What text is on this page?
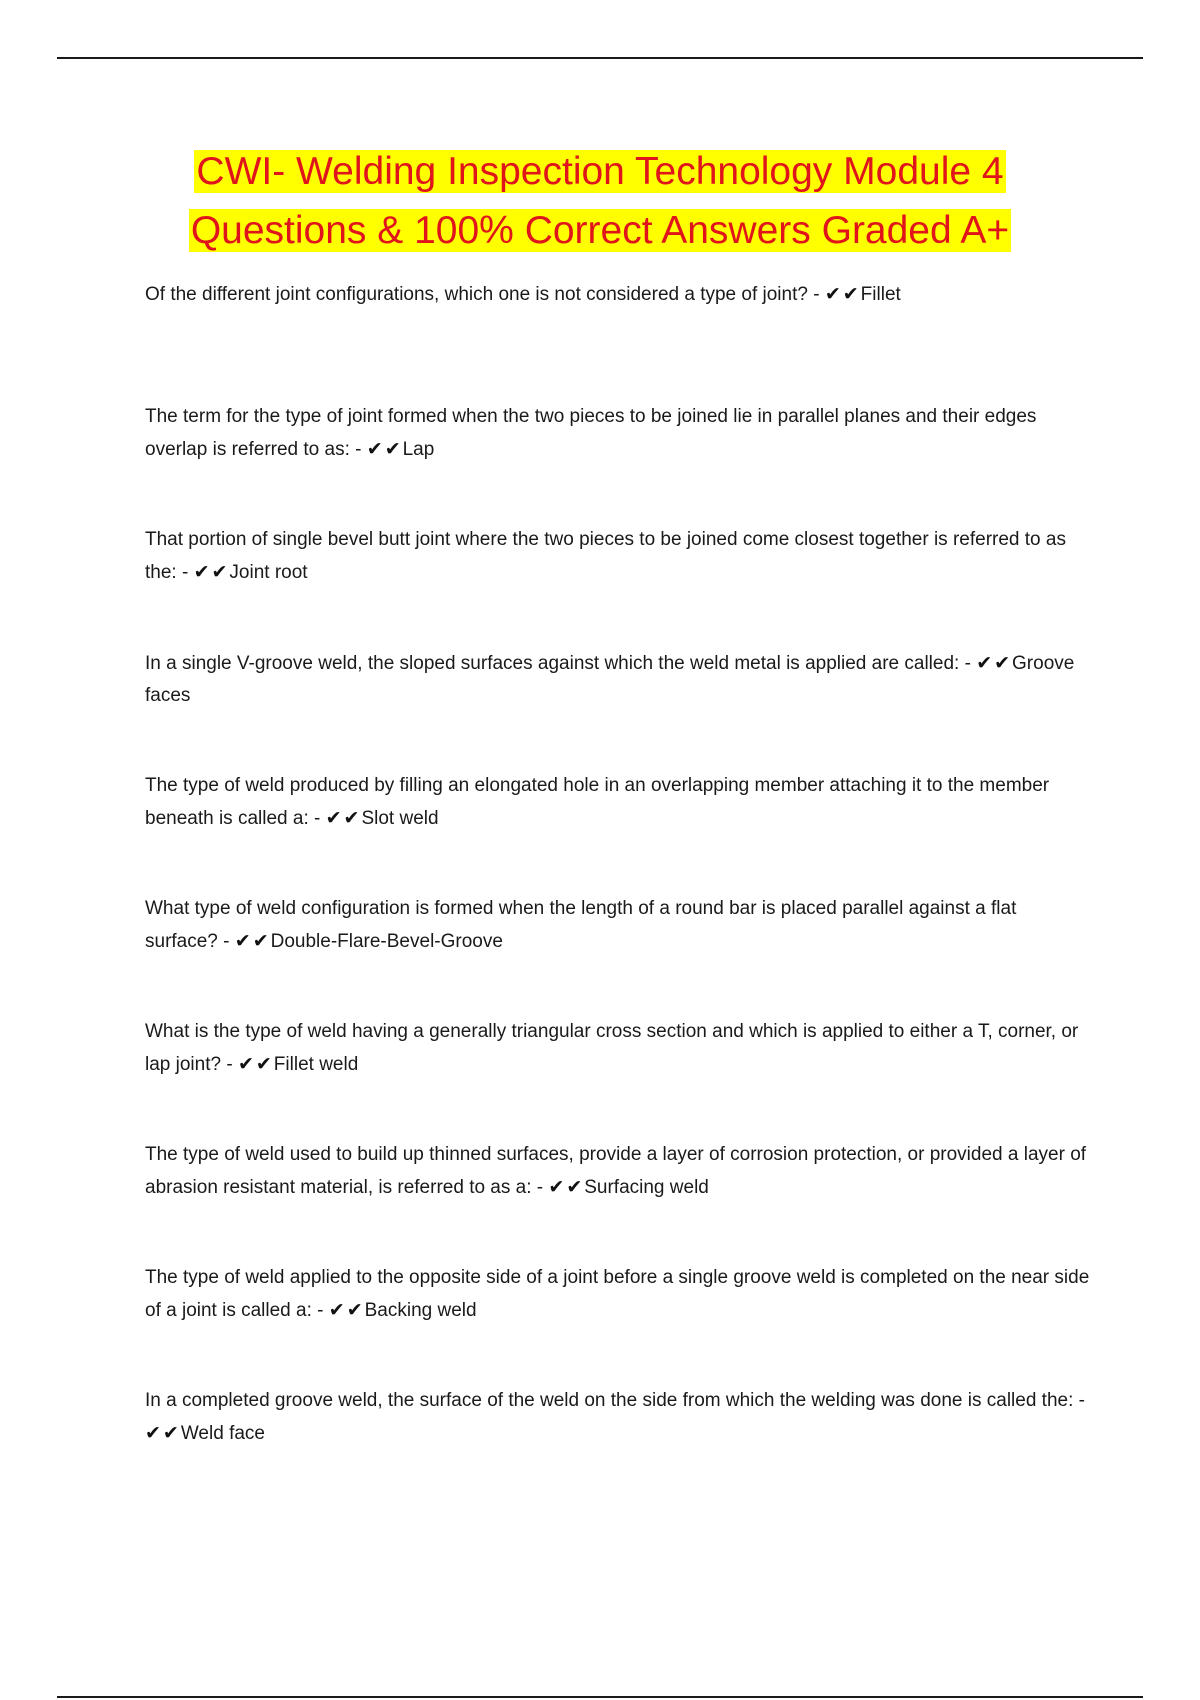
CWI- Welding Inspection Technology Module 4
Questions & 100% Correct Answers Graded A+

Of the different joint configurations, which one is not considered a type of joint? - ✔ ✔ Fillet

The term for the type of joint formed when the two pieces to be joined lie in parallel planes and their edges overlap is referred to as: - ✔ ✔ Lap

That portion of single bevel butt joint where the two pieces to be joined come closest together is referred to as the: - ✔ ✔ Joint root

In a single V-groove weld, the sloped surfaces against which the weld metal is applied are called: - ✔ ✔ Groove faces

The type of weld produced by filling an elongated hole in an overlapping member attaching it to the member beneath is called a: - ✔ ✔ Slot weld

What type of weld configuration is formed when the length of a round bar is placed parallel against a flat surface? - ✔ ✔ Double-Flare-Bevel-Groove

What is the type of weld having a generally triangular cross section and which is applied to either a T, corner, or lap joint? - ✔ ✔ Fillet weld

The type of weld used to build up thinned surfaces, provide a layer of corrosion protection, or provided a layer of abrasion resistant material, is referred to as a: - ✔ ✔ Surfacing weld

The type of weld applied to the opposite side of a joint before a single groove weld is completed on the near side of a joint is called a: - ✔ ✔ Backing weld

In a completed groove weld, the surface of the weld on the side from which the welding was done is called the: - ✔ ✔ Weld face
